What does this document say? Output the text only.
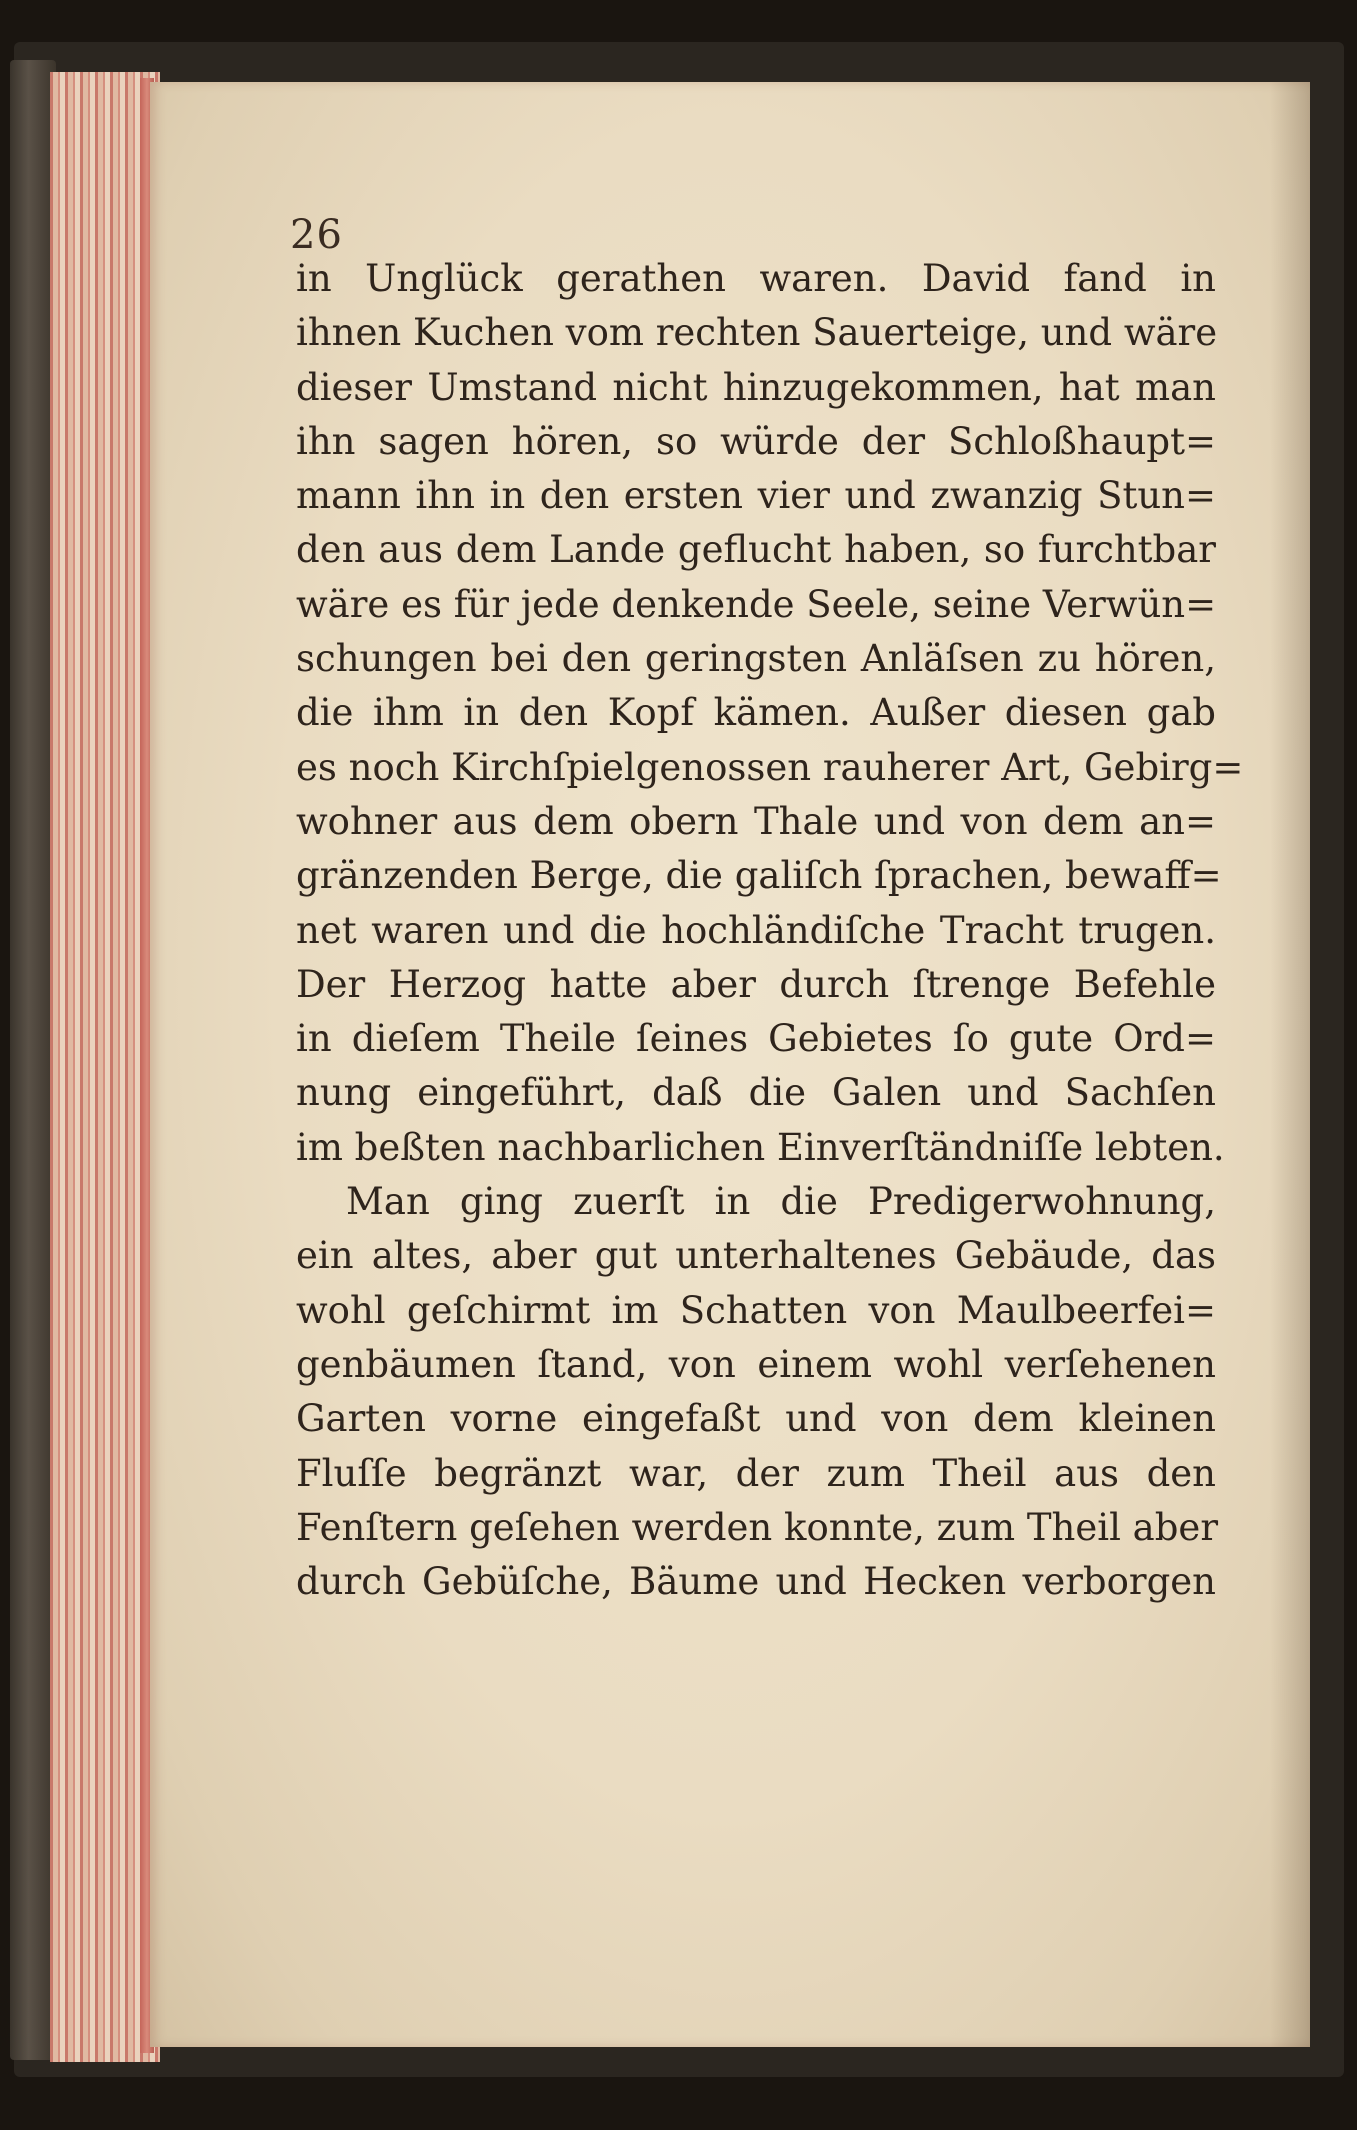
26

in Unglück gerathen waren. David fand in
ihnen Kuchen vom rechten Sauerteige, und wäre
dieser Umstand nicht hinzugekommen, hat man
ihn sagen hören, so würde der Schloßhaupt=
mann ihn in den ersten vier und zwanzig Stun=
den aus dem Lande geflucht haben, so furchtbar
wäre es für jede denkende Seele, seine Verwün=
schungen bei den geringsten Anläſsen zu hören,
die ihm in den Kopf kämen. Außer diesen gab
es noch Kirchſpielgenossen rauherer Art, Gebirg=
wohner aus dem obern Thale und von dem an=
gränzenden Berge, die galiſch ſprachen, bewaff=
net waren und die hochländiſche Tracht trugen.
Der Herzog hatte aber durch ſtrenge Befehle
in dieſem Theile ſeines Gebietes ſo gute Ord=
nung eingeführt, daß die Galen und Sachſen
im beßten nachbarlichen Einverſtändniſſe lebten.
Man ging zuerſt in die Predigerwohnung,
ein altes, aber gut unterhaltenes Gebäude, das
wohl geſchirmt im Schatten von Maulbeerfei=
genbäumen ſtand, von einem wohl verſehenen
Garten vorne eingefaßt und von dem kleinen
Fluſſe begränzt war, der zum Theil aus den
Fenſtern geſehen werden konnte, zum Theil aber
durch Gebüſche, Bäume und Hecken verborgen
